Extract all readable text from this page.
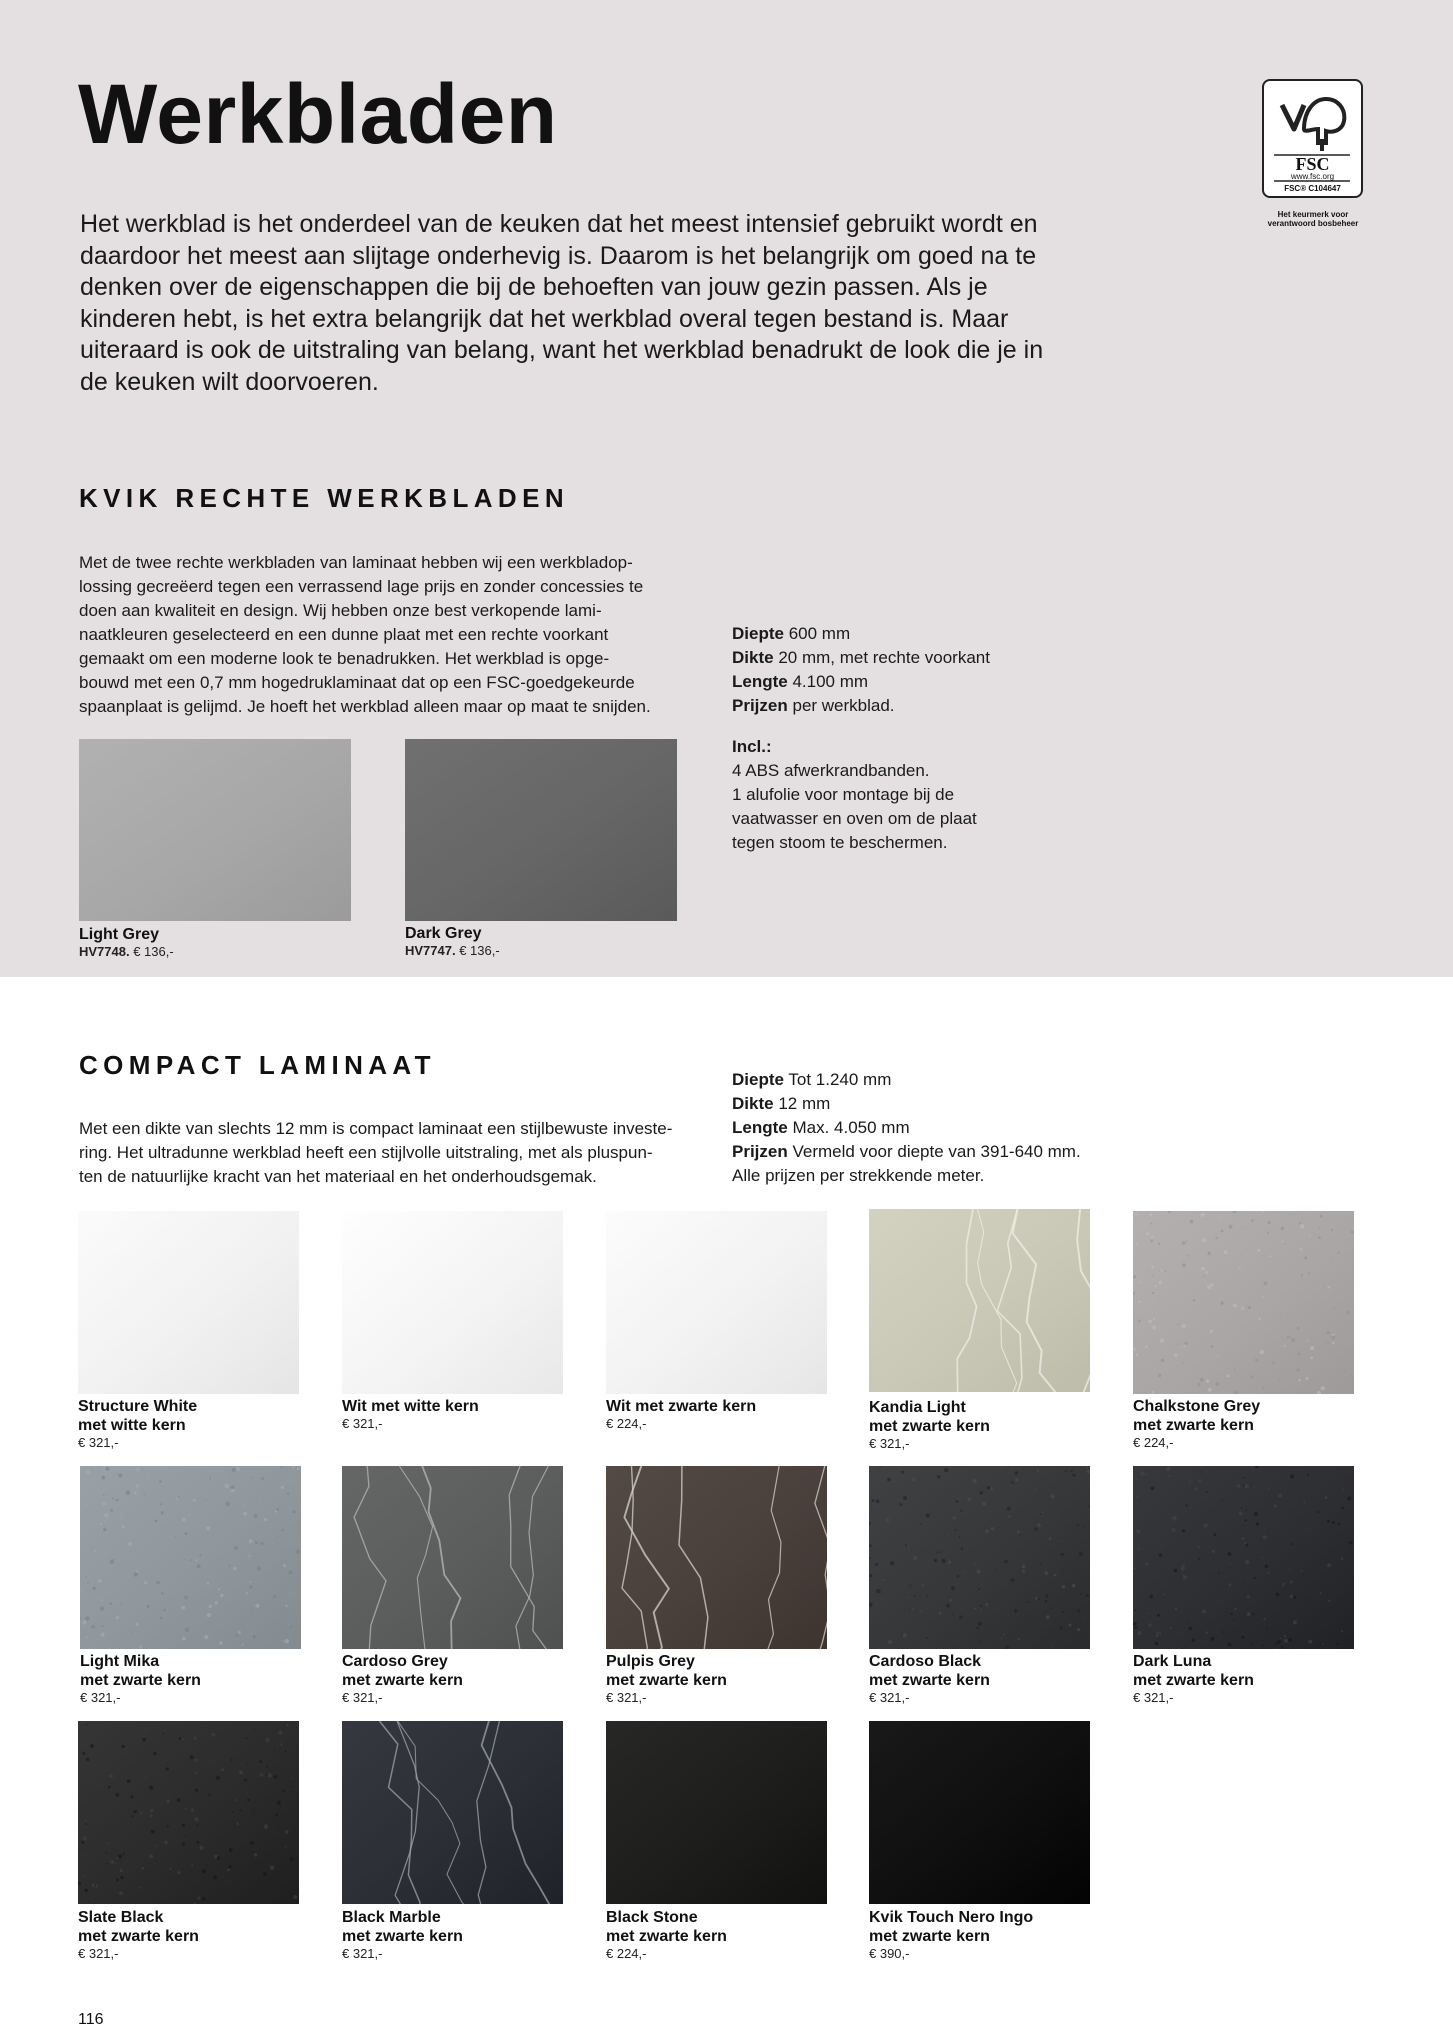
Werkbladen
Het werkblad is het onderdeel van de keuken dat het meest intensief gebruikt wordt en
daardoor het meest aan slijtage onderhevig is. Daarom is het belangrijk om goed na te
denken over de eigenschappen die bij de behoeften van jouw gezin passen. Als je
kinderen hebt, is het extra belangrijk dat het werkblad overal tegen bestand is. Maar
uiteraard is ook de uitstraling van belang, want het werkblad benadrukt de look die je in
de keuken wilt doorvoeren.
FSC
www.fsc.org
FSC® C104647
Het keurmerk voor
verantwoord bosbeheer
KVIK RECHTE WERKBLADEN
Met de twee rechte werkbladen van laminaat hebben wij een werkbladop-
lossing gecreëerd tegen een verrassend lage prijs en zonder concessies te
doen aan kwaliteit en design. Wij hebben onze best verkopende lami-
naatkleuren geselecteerd en een dunne plaat met een rechte voorkant
gemaakt om een moderne look te benadrukken. Het werkblad is opge-
bouwd met een 0,7 mm hogedruklaminaat dat op een FSC-goedgekeurde
spaanplaat is gelijmd. Je hoeft het werkblad alleen maar op maat te snijden.
Diepte 600 mm
Dikte 20 mm, met rechte voorkant
Lengte 4.100 mm
Prijzen per werkblad.
Incl.:
4 ABS afwerkrandbanden.
1 alufolie voor montage bij de
vaatwasser en oven om de plaat
tegen stoom te beschermen.
Light Grey
HV7748. € 136,-
Dark Grey
HV7747. € 136,-
COMPACT LAMINAAT
Met een dikte van slechts 12 mm is compact laminaat een stijlbewuste investe-
ring. Het ultradunne werkblad heeft een stijlvolle uitstraling, met als pluspun-
ten de natuurlijke kracht van het materiaal en het onderhoudsgemak.
Diepte Tot 1.240 mm
Dikte 12 mm
Lengte Max. 4.050 mm
Prijzen Vermeld voor diepte van 391-640 mm.
Alle prijzen per strekkende meter.
Structure White
met witte kern
€ 321,-
Wit met witte kern
€ 321,-
Wit met zwarte kern
€ 224,-
Kandia Light
met zwarte kern
€ 321,-
Chalkstone Grey
met zwarte kern
€ 224,-
Light Mika
met zwarte kern
€ 321,-
Cardoso Grey
met zwarte kern
€ 321,-
Pulpis Grey
met zwarte kern
€ 321,-
Cardoso Black
met zwarte kern
€ 321,-
Dark Luna
met zwarte kern
€ 321,-
Slate Black
met zwarte kern
€ 321,-
Black Marble
met zwarte kern
€ 321,-
Black Stone
met zwarte kern
€ 224,-
Kvik Touch Nero Ingo
met zwarte kern
€ 390,-
116
